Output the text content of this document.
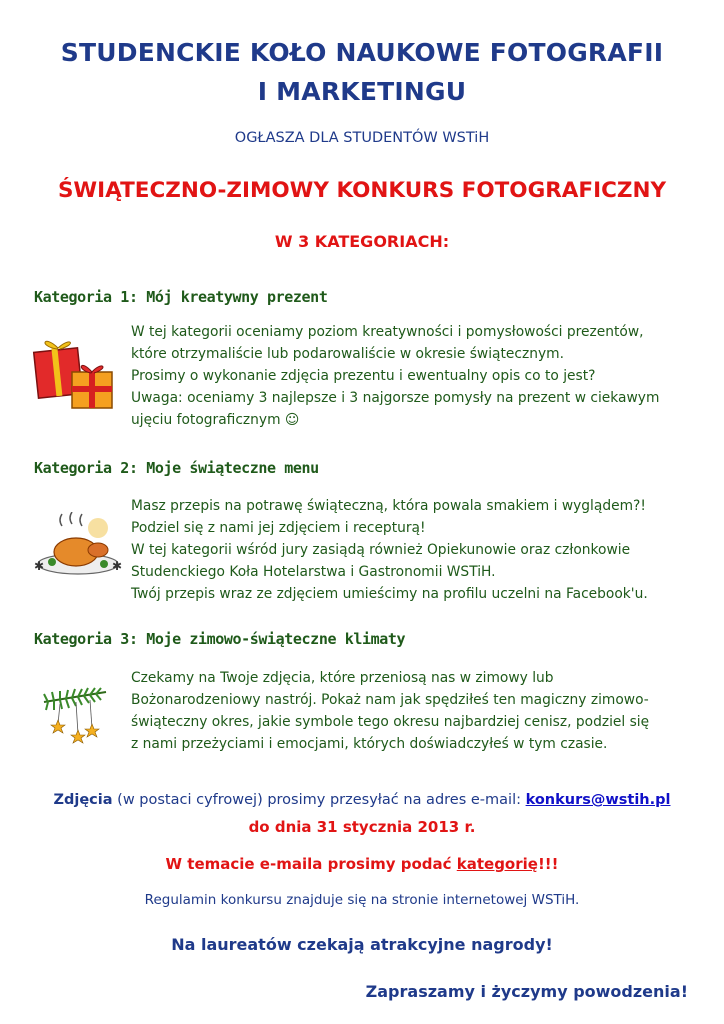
STUDENCKIE KOŁO NAUKOWE FOTOGRAFII
I MARKETINGU
OGŁASZA DLA STUDENTÓW WSTiH
ŚWIĄTECZNO-ZIMOWY KONKURS FOTOGRAFICZNY
W 3 KATEGORIACH:
Kategoria 1: Mój kreatywny prezent
W tej kategorii oceniamy poziom kreatywności i pomysłowości prezentów,
które otrzymaliście lub podarowaliście w okresie świątecznym.
Prosimy o wykonanie zdjęcia prezentu i ewentualny opis co to jest?
Uwaga: oceniamy 3 najlepsze i 3 najgorsze pomysły na prezent w ciekawym
ujęciu fotograficznym ☺
Kategoria 2: Moje świąteczne menu
✱	✱
Masz przepis na potrawę świąteczną, która powala smakiem i wyglądem?!
Podziel się z nami jej zdjęciem i recepturą!
W tej kategorii wśród jury zasiądą również Opiekunowie oraz członkowie
Studenckiego Koła Hotelarstwa i Gastronomii WSTiH.
Twój przepis wraz ze zdjęciem umieścimy na profilu uczelni na Facebook'u.
Kategoria 3: Moje zimowo-świąteczne klimaty
Czekamy na Twoje zdjęcia, które przeniosą nas w zimowy lub
Bożonarodzeniowy nastrój. Pokaż nam jak spędziłeś ten magiczny zimowo-
świąteczny okres, jakie symbole tego okresu najbardziej cenisz, podziel się
z nami przeżyciami i emocjami, których doświadczyłeś w tym czasie.
Zdjęcia (w postaci cyfrowej) prosimy przesyłać na adres e-mail: konkurs@wstih.pl
do dnia 31 stycznia 2013 r.
W temacie e-maila prosimy podać kategorię!!!
Regulamin konkursu znajduje się na stronie internetowej WSTiH.
Na laureatów czekają atrakcyjne nagrody!
Zapraszamy i życzymy powodzenia!
